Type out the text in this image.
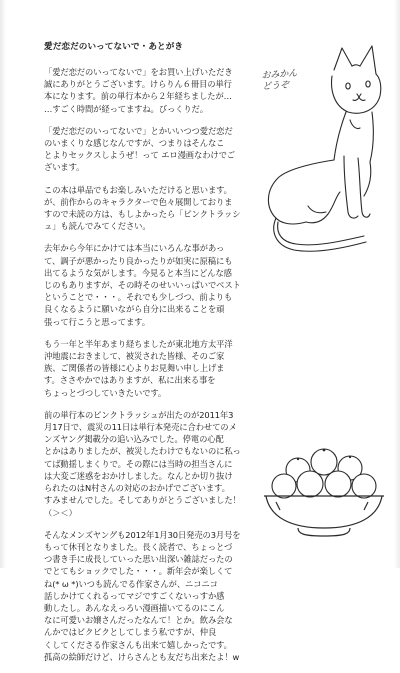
愛だ恋だのいってないで・あとがき
「愛だ恋だのいってないで」をお買い上げいただき
誠にありがとうございます。けらりん６冊目の単行
本になります。前の単行本から２年経ちましたが…
…すごく時間が経ってますね。びっくりだ。
「愛だ恋だのいってないで」とかいいつつ愛だ恋だ
のいまくりな感じなんですが、つまりはそんなこ
とよりセックスしようぜ！って エロ漫画なわけでご
ざいます。
この本は単品でもお楽しみいただけると思います。
が、前作からのキャラクターで色々展開しておりま
すので未読の方は、もしよかったら「ピンクトラッシ
ュ」も読んでみてください。
去年から今年にかけては本当にいろんな事があっ
て、調子が悪かったり良かったりが如実に原稿にも
出てるような気がします。今見ると本当にどんな感
じのもありますが、その時そのせいいっぱいでベスト
ということで・・・。それでも少しづつ、前よりも
良くなるように願いながら自分に出来ることを頑
張って行こうと思ってます。
もう一年と半年あまり経ちましたが東北地方太平洋
沖地震におきまして、被災された皆様、そのご家
族、ご関係者の皆様に心よりお見舞い申し上げま
す。ささやかではありますが、私に出来る事を
ちょっとづつしていきたいです。
前の単行本のピンクトラッシュが出たのが2011年3
月17日で、震災の11日は単行本発売に合わせてのメ
ンズヤング掲載分の追い込みでした。停電の心配
とかはありましたが、被災したわけでもないのに私っ
てば動揺しまくりで。その際には当時の担当さんに
は大変ご迷惑をおかけしました。なんとか切り抜け
られたのはN村さんの対応のおかげでございます。
すみませんでした。そしてありがとうございました！
（＞＜）
そんなメンズヤングも2012年1月30日発売の3月号を
もって休刊となりました。長く読者で、ちょっとづ
つ書き手に成長していった思い出深い雑誌だったの
でとてもショックでした・・・。新年会が楽しくて
ね(* ω *)いつも読んでる作家さんが、ニコニコ
話しかけてくれるってマジですごくないっすか感
動したし。あんなえっろい漫画描いてるのにこん
なに可愛いお嬢さんだったなんて！とか。飲み会な
んかではビクビクとしてしまう私ですが、仲良
くしてくださる作家さんも出来て嬉しかったです。
孤高の絵師だけど、けらさんとも友だち出来たよ！w
おみかん
どうぞ
